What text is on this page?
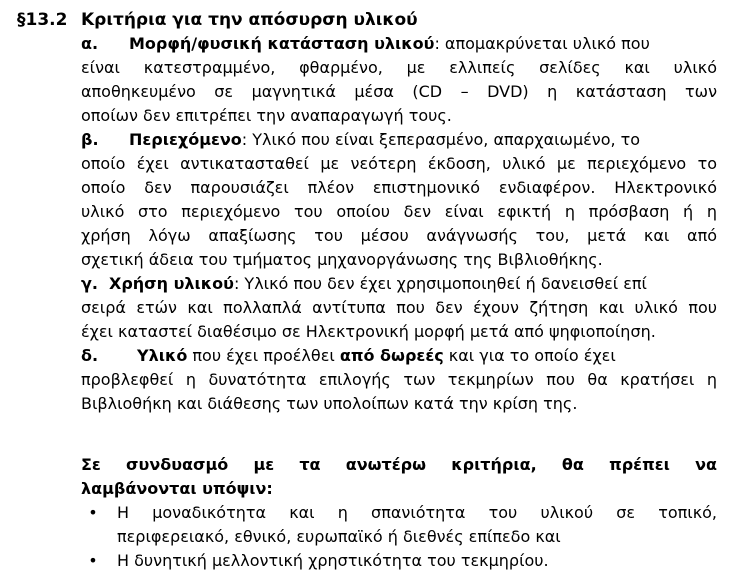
§13.2 Κριτήρια για την απόσυρση υλικού
α. Μορφή/φυσική κατάσταση υλικού: απομακρύνεται υλικό που
είναι κατεστραμμένο, φθαρμένο, με ελλιπείς σελίδες και υλικό
αποθηκευμένο σε μαγνητικά μέσα (CD – DVD) η κατάσταση των
οποίων δεν επιτρέπει την αναπαραγωγή τους.
β. Περιεχόμενο: Υλικό που είναι ξεπερασμένο, απαρχαιωμένο, το
οποίο έχει αντικατασταθεί με νεότερη έκδοση, υλικό με περιεχόμενο το
οποίο δεν παρουσιάζει πλέον επιστημονικό ενδιαφέρον. Ηλεκτρονικό
υλικό στο περιεχόμενο του οποίου δεν είναι εφικτή η πρόσβαση ή η
χρήση λόγω απαξίωσης του μέσου ανάγνωσής του, μετά και από
σχετική άδεια του τμήματος μηχανοργάνωσης της Βιβλιοθήκης.
γ. Χρήση υλικού: Υλικό που δεν έχει χρησιμοποιηθεί ή δανεισθεί επί
σειρά ετών και πολλαπλά αντίτυπα που δεν έχουν ζήτηση και υλικό που
έχει καταστεί διαθέσιμο σε Ηλεκτρονική μορφή μετά από ψηφιοποίηση.
δ. Υλικό που έχει προέλθει από δωρεές και για το οποίο έχει
προβλεφθεί η δυνατότητα επιλογής των τεκμηρίων που θα κρατήσει η
Βιβλιοθήκη και διάθεσης των υπολοίπων κατά την κρίση της.
Σε συνδυασμό με τα ανωτέρω κριτήρια, θα πρέπει να
λαμβάνονται υπόψιν:
•	Η μοναδικότητα και η σπανιότητα του υλικού σε τοπικό,
περιφερειακό, εθνικό, ευρωπαϊκό ή διεθνές επίπεδο και
•	Η δυνητική μελλοντική χρηστικότητα του τεκμηρίου.
